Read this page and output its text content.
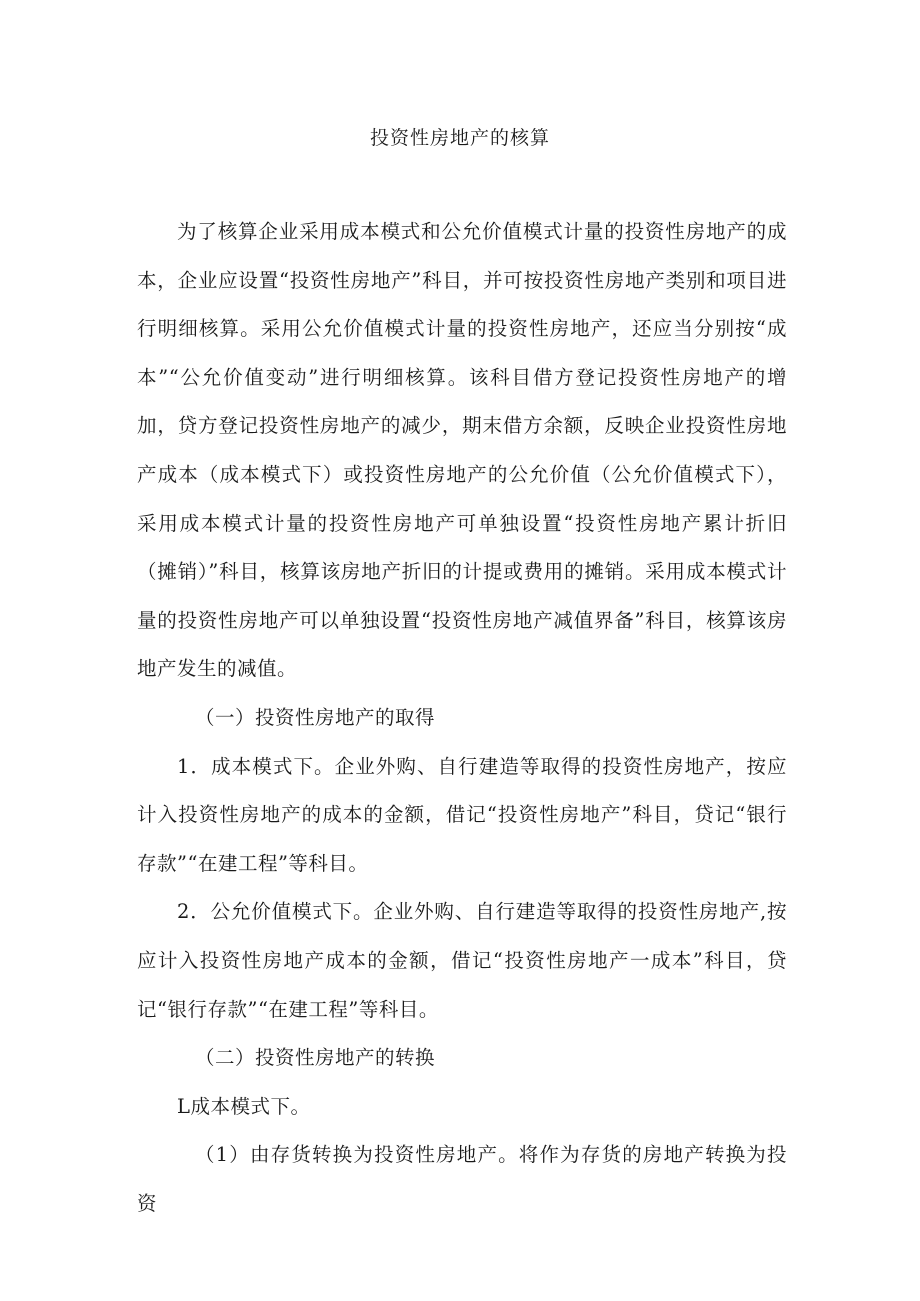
投资性房地产的核算

为了核算企业采用成本模式和公允价值模式计量的投资性房地产的成本，企业应设置“投资性房地产”科目，并可按投资性房地产类别和项目进行明细核算。采用公允价值模式计量的投资性房地产，还应当分别按“成本”“公允价值变动”进行明细核算。该科目借方登记投资性房地产的增加，贷方登记投资性房地产的减少，期末借方余额，反映企业投资性房地产成本（成本模式下）或投资性房地产的公允价值（公允价值模式下），采用成本模式计量的投资性房地产可单独设置“投资性房地产累计折旧（摊销）”科目，核算该房地产折旧的计提或费用的摊销。采用成本模式计量的投资性房地产可以单独设置“投资性房地产减值界备”科目，核算该房地产发生的减值。

（一）投资性房地产的取得

1．成本模式下。企业外购、自行建造等取得的投资性房地产，按应计入投资性房地产的成本的金额，借记“投资性房地产”科目，贷记“银行存款”“在建工程”等科目。

2．公允价值模式下。企业外购、自行建造等取得的投资性房地产,按应计入投资性房地产成本的金额，借记“投资性房地产一成本”科目，贷记“银行存款”“在建工程”等科目。

（二）投资性房地产的转换

L成本模式下。

（1）由存货转换为投资性房地产。将作为存货的房地产转换为投资
